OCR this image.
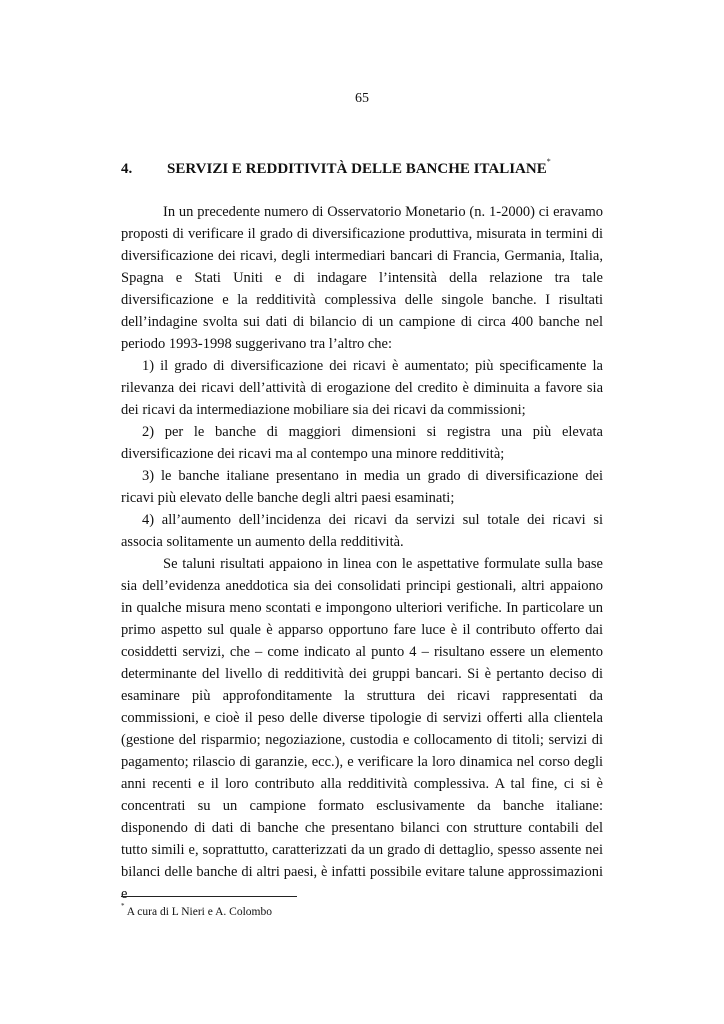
65
4. SERVIZI E REDDITIVITÀ DELLE BANCHE ITALIANE*

In un precedente numero di Osservatorio Monetario (n. 1-2000) ci eravamo proposti di verificare il grado di diversificazione produttiva, misurata in termini di diversificazione dei ricavi, degli intermediari bancari di Francia, Germania, Italia, Spagna e Stati Uniti e di indagare l’intensità della relazione tra tale diversificazione e la redditività complessiva delle singole banche. I risultati dell’indagine svolta sui dati di bilancio di un campione di circa 400 banche nel periodo 1993-1998 suggerivano tra l’altro che:

1) il grado di diversificazione dei ricavi è aumentato; più specificamente la rilevanza dei ricavi dell’attività di erogazione del credito è diminuita a favore sia dei ricavi da intermediazione mobiliare sia dei ricavi da commissioni;

2) per le banche di maggiori dimensioni si registra una più elevata diversificazione dei ricavi ma al contempo una minore redditività;

3) le banche italiane presentano in media un grado di diversificazione dei ricavi più elevato delle banche degli altri paesi esaminati;

4) all’aumento dell’incidenza dei ricavi da servizi sul totale dei ricavi si associa solitamente un aumento della redditività.

Se taluni risultati appaiono in linea con le aspettative formulate sulla base sia dell’evidenza aneddotica sia dei consolidati principi gestionali, altri appaiono in qualche misura meno scontati e impongono ulteriori verifiche. In particolare un primo aspetto sul quale è apparso opportuno fare luce è il contributo offerto dai cosiddetti servizi, che – come indicato al punto 4 – risultano essere un elemento determinante del livello di redditività dei gruppi bancari. Si è pertanto deciso di esaminare più approfonditamente la struttura dei ricavi rappresentati da commissioni, e cioè il peso delle diverse tipologie di servizi offerti alla clientela (gestione del risparmio; negoziazione, custodia e collocamento di titoli; servizi di pagamento; rilascio di garanzie, ecc.), e verificare la loro dinamica nel corso degli anni recenti e il loro contributo alla redditività complessiva. A tal fine, ci si è concentrati su un campione formato esclusivamente da banche italiane: disponendo di dati di banche che presentano bilanci con strutture contabili del tutto simili e, soprattutto, caratterizzati da un grado di dettaglio, spesso assente nei bilanci delle banche di altri paesi, è infatti possibile evitare talune approssimazioni e

* A cura di L Nieri e A. Colombo
